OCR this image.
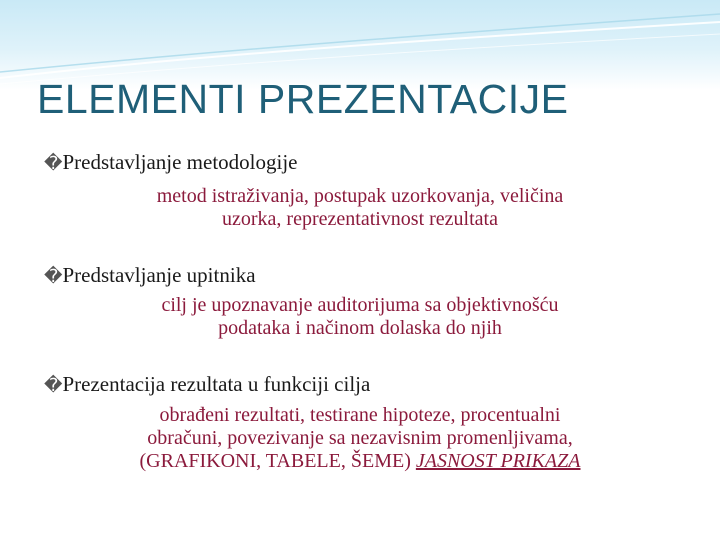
ELEMENTI PREZENTACIJE
�Predstavljanje metodologije
metod istraživanja, postupak uzorkovanja, veličina
uzorka, reprezentativnost rezultata
�Predstavljanje upitnika
cilj je upoznavanje auditorijuma sa objektivnošću
podataka i načinom dolaska do njih
�Prezentacija rezultata u funkciji cilja
obrađeni rezultati, testirane hipoteze, procentualni
obračuni, povezivanje sa nezavisnim promenljivama,
(GRAFIKONI, TABELE, ŠEME) JASNOST PRIKAZA
